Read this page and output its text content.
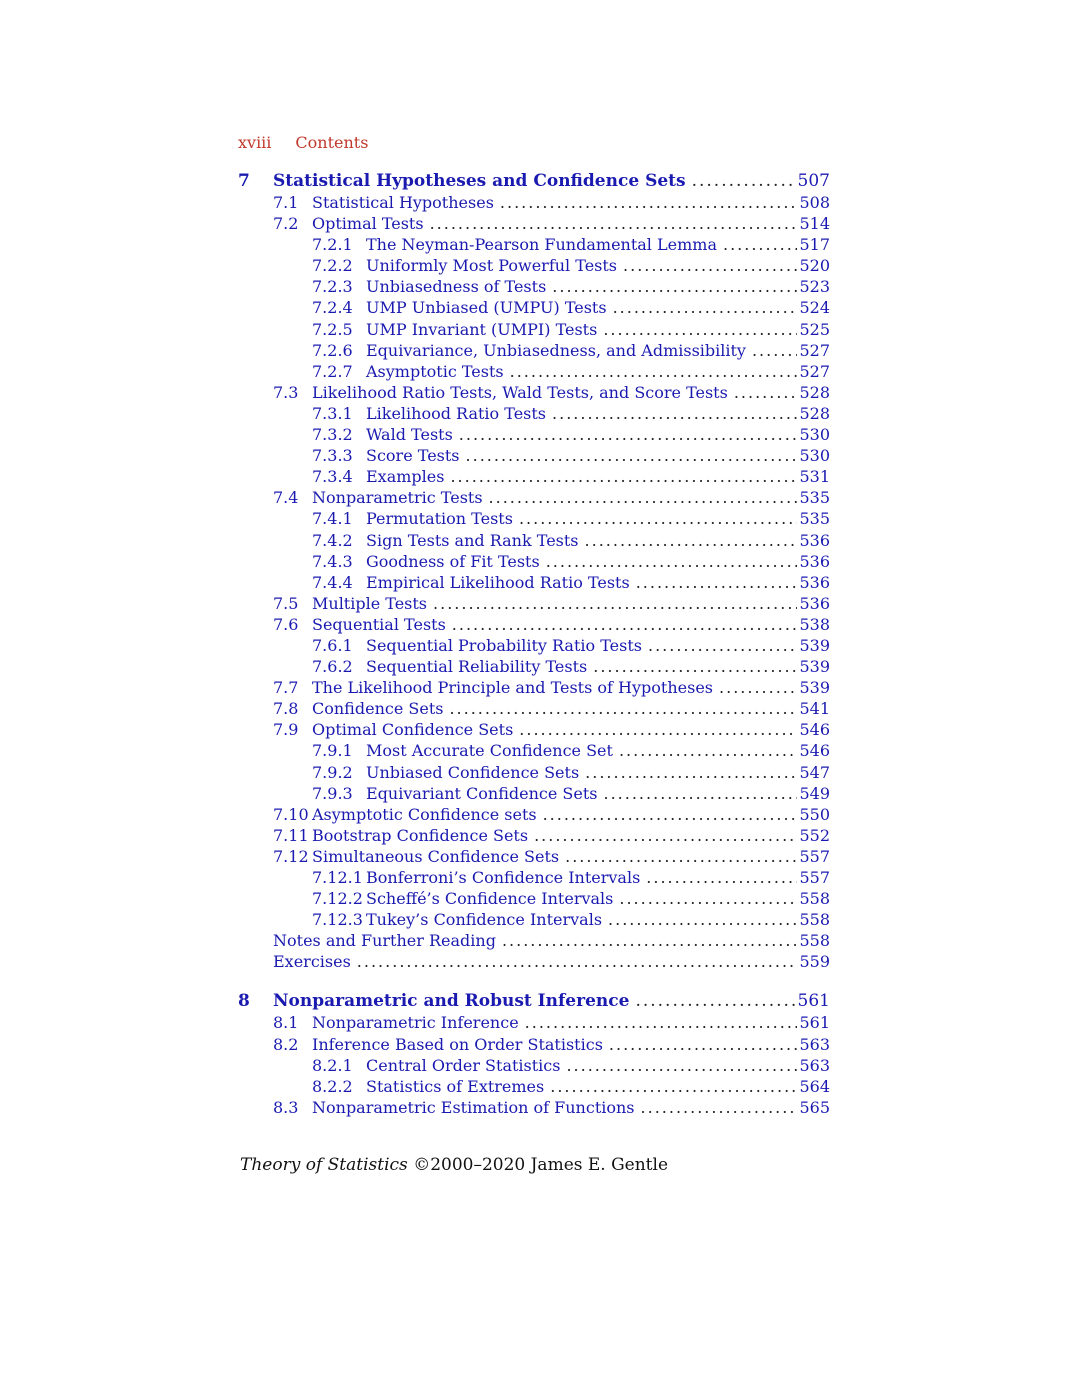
xviii Contents
7	Statistical Hypotheses and Confidence Sets .....	507
7.1 Statistical Hypotheses .....	508
7.2 Optimal Tests .....	514
7.2.1 The Neyman-Pearson Fundamental Lemma .....	517
7.2.2 Uniformly Most Powerful Tests .....	520
7.2.3 Unbiasedness of Tests .....	523
7.2.4 UMP Unbiased (UMPU) Tests .....	524
7.2.5 UMP Invariant (UMPI) Tests .....	525
7.2.6 Equivariance, Unbiasedness, and Admissibility .....	527
7.2.7 Asymptotic Tests .....	527
7.3 Likelihood Ratio Tests, Wald Tests, and Score Tests .....	528
7.3.1 Likelihood Ratio Tests .....	528
7.3.2 Wald Tests .....	530
7.3.3 Score Tests .....	530
7.3.4 Examples .....	531
7.4 Nonparametric Tests .....	535
7.4.1 Permutation Tests .....	535
7.4.2 Sign Tests and Rank Tests .....	536
7.4.3 Goodness of Fit Tests .....	536
7.4.4 Empirical Likelihood Ratio Tests .....	536
7.5 Multiple Tests .....	536
7.6 Sequential Tests .....	538
7.6.1 Sequential Probability Ratio Tests .....	539
7.6.2 Sequential Reliability Tests .....	539
7.7 The Likelihood Principle and Tests of Hypotheses .....	539
7.8 Confidence Sets .....	541
7.9 Optimal Confidence Sets .....	546
7.9.1 Most Accurate Confidence Set .....	546
7.9.2 Unbiased Confidence Sets .....	547
7.9.3 Equivariant Confidence Sets .....	549
7.10 Asymptotic Confidence sets .....	550
7.11 Bootstrap Confidence Sets .....	552
7.12 Simultaneous Confidence Sets .....	557
7.12.1 Bonferroni’s Confidence Intervals .....	557
7.12.2 Scheffé’s Confidence Intervals .....	558
7.12.3 Tukey’s Confidence Intervals .....	558
Notes and Further Reading .....	558
Exercises .....	559
8	Nonparametric and Robust Inference .....	561
8.1 Nonparametric Inference .....	561
8.2 Inference Based on Order Statistics .....	563
8.2.1 Central Order Statistics .....	563
8.2.2 Statistics of Extremes .....	564
8.3 Nonparametric Estimation of Functions .....	565
Theory of Statistics ©2000–2020 James E. Gentle
